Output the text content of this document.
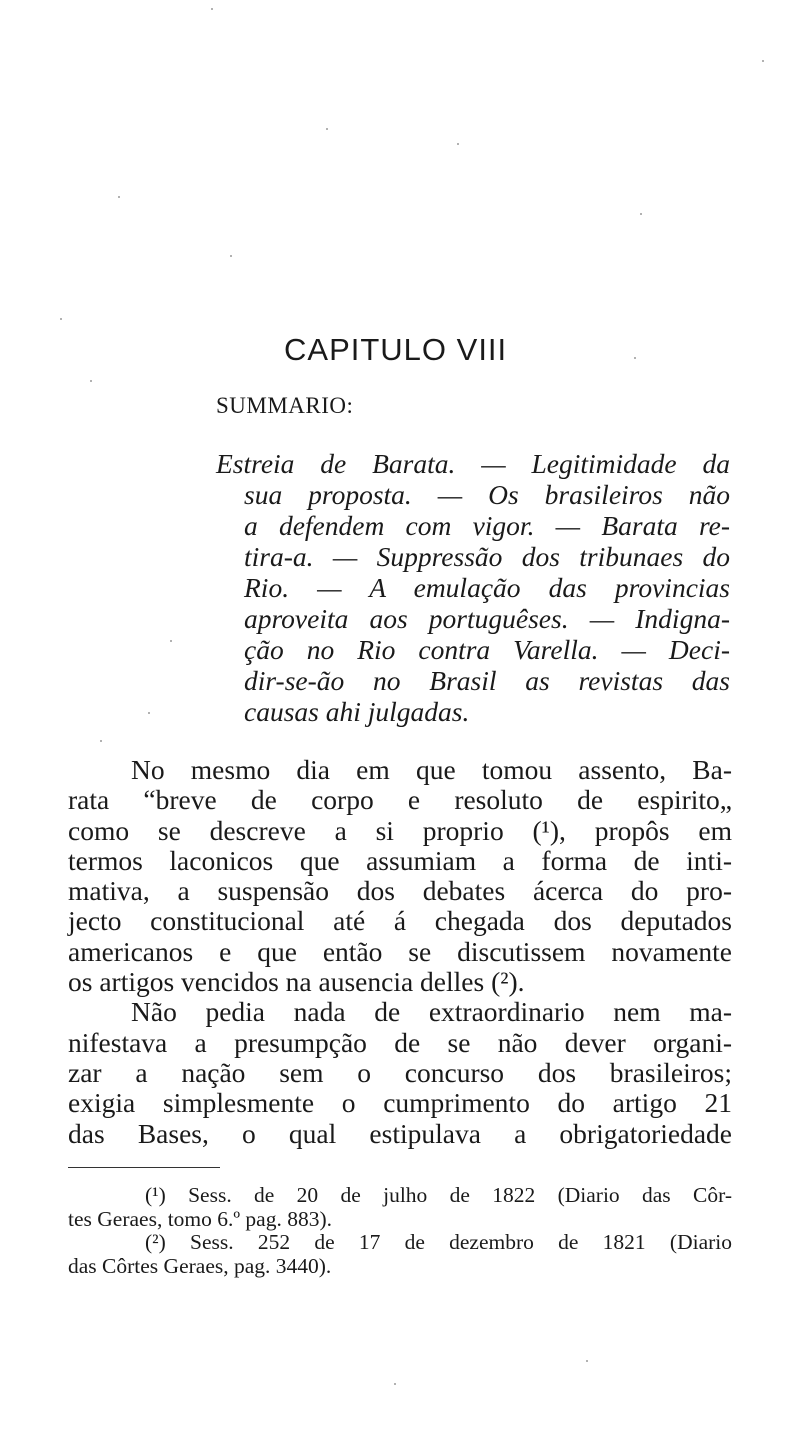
CAPITULO VIII
SUMMARIO:
Estreia de Barata. — Legitimidade da
sua proposta. — Os brasileiros não
a defendem com vigor. — Barata re-
tira-a. — Suppressão dos tribunaes do
Rio. — A emulação das provincias
aproveita aos portuguêses. — Indigna-
ção no Rio contra Varella. — Deci-
dir-se-ão no Brasil as revistas das
causas ahi julgadas.
No mesmo dia em que tomou assento, Ba-
rata “breve de corpo e resoluto de espirito„
como se descreve a si proprio (¹), propôs em
termos laconicos que assumiam a forma de inti-
mativa, a suspensão dos debates ácerca do pro-
jecto constitucional até á chegada dos deputados
americanos e que então se discutissem novamente
os artigos vencidos na ausencia delles (²).
Não pedia nada de extraordinario nem ma-
nifestava a presumpção de se não dever organi-
zar a nação sem o concurso dos brasileiros;
exigia simplesmente o cumprimento do artigo 21
das Bases, o qual estipulava a obrigatoriedade
(¹) Sess. de 20 de julho de 1822 (Diario das Côr-
tes Geraes, tomo 6.º pag. 883).
(²) Sess. 252 de 17 de dezembro de 1821 (Diario
das Côrtes Geraes, pag. 3440).
